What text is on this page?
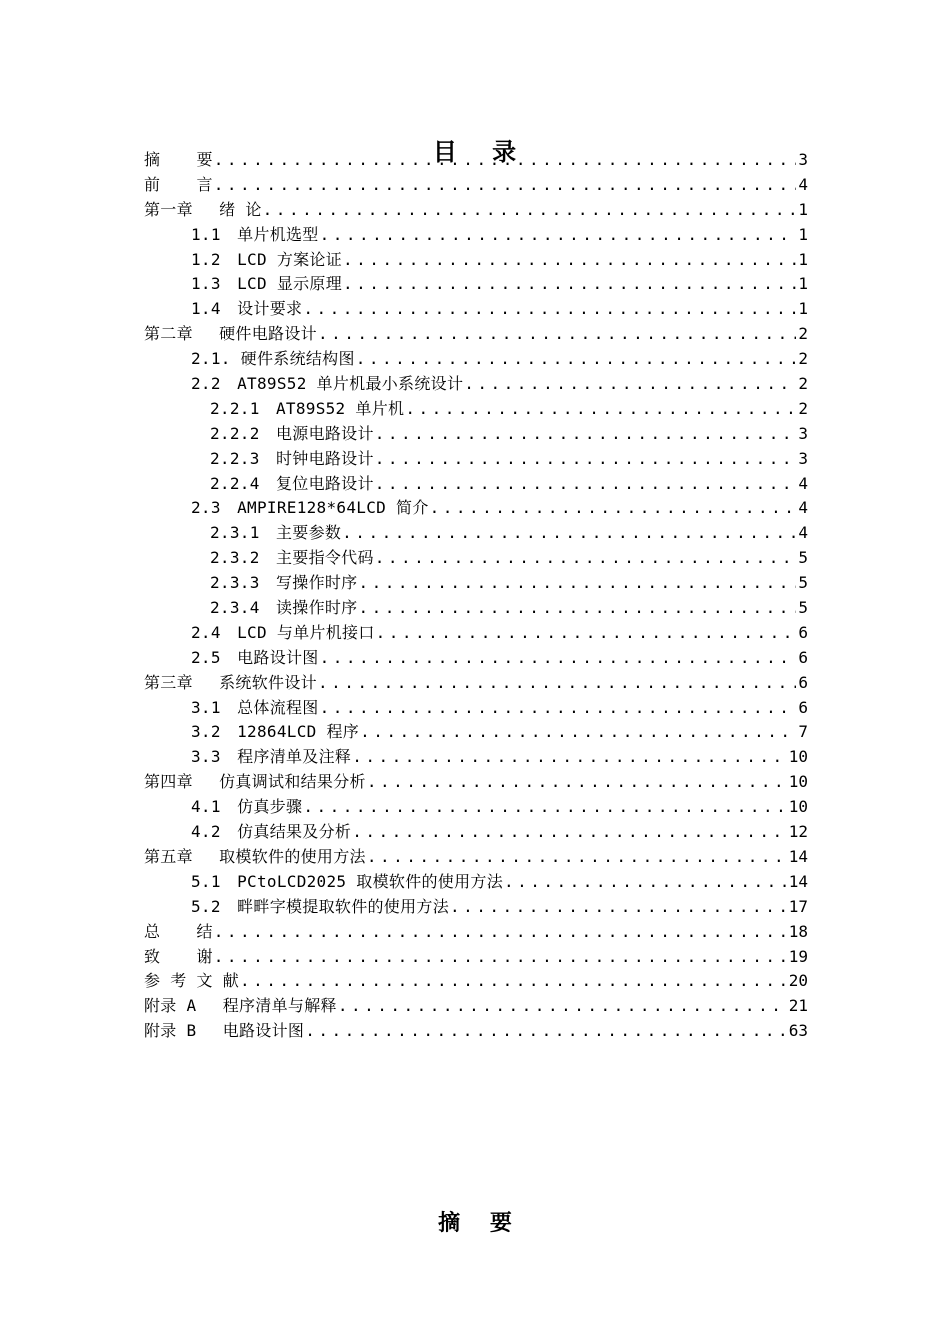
目　 录
摘　  要 .....	3
前　  言 .....	4
第一章　 绪 论 .....	1
1.1　单片机选型 .....	1
1.2　LCD 方案论证 .....	1
1.3　LCD 显示原理 .....	1
1.4　设计要求 .....	1
第二章　 硬件电路设计 .....	2
2.1. 硬件系统结构图 .....	2
2.2　AT89S52 单片机最小系统设计 .....	2
2.2.1　AT89S52 单片机 .....	2
2.2.2　电源电路设计 .....	3
2.2.3　时钟电路设计 .....	3
2.2.4　复位电路设计 .....	4
2.3　AMPIRE128*64LCD 简介 .....	4
2.3.1　主要参数 .....	4
2.3.2　主要指令代码 .....	5
2.3.3　写操作时序 .....	5
2.3.4　读操作时序 .....	5
2.4　LCD 与单片机接口 .....	6
2.5　电路设计图 .....	6
第三章　 系统软件设计 .....	6
3.1　总体流程图 .....	6
3.2　12864LCD 程序 .....	7
3.3　程序清单及注释 .....	10
第四章　 仿真调试和结果分析 .....	10
4.1　仿真步骤 .....	10
4.2　仿真结果及分析 .....	12
第五章　 取模软件的使用方法 .....	14
5.1　PCtoLCD2025 取模软件的使用方法 .....	14
5.2　畔畔字模提取软件的使用方法 .....	17
总　  结 .....	18
致　  谢 .....	19
参 考 文 献 .....	20
附录 A　 程序清单与解释 .....	21
附录 B　 电路设计图 .....	63
摘　 要
